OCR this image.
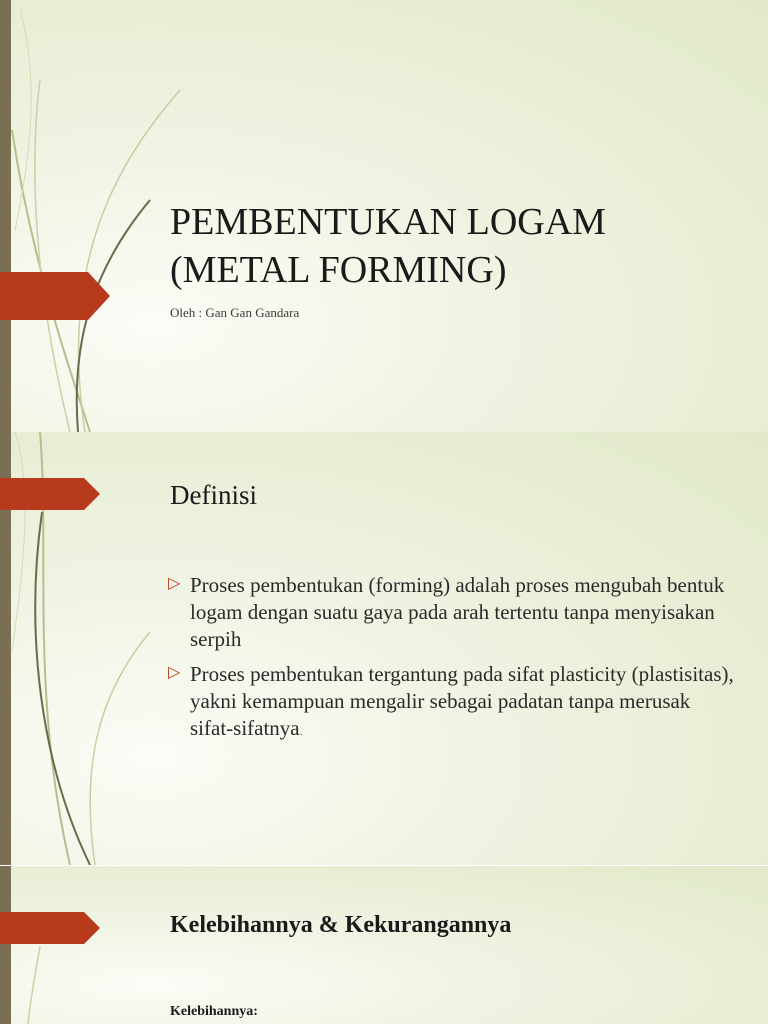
PEMBENTUKAN LOGAM
(METAL FORMING)
Oleh : Gan Gan Gandara
Definisi
▷ Proses pembentukan (forming) adalah proses mengubah bentuk logam dengan suatu gaya pada arah tertentu tanpa menyisakan serpih
▷ Proses pembentukan tergantung pada sifat plasticity (plastisitas), yakni kemampuan mengalir sebagai padatan tanpa merusak sifat-sifatnya.
Kelebihannya & Kekurangannya
Kelebihannya:
